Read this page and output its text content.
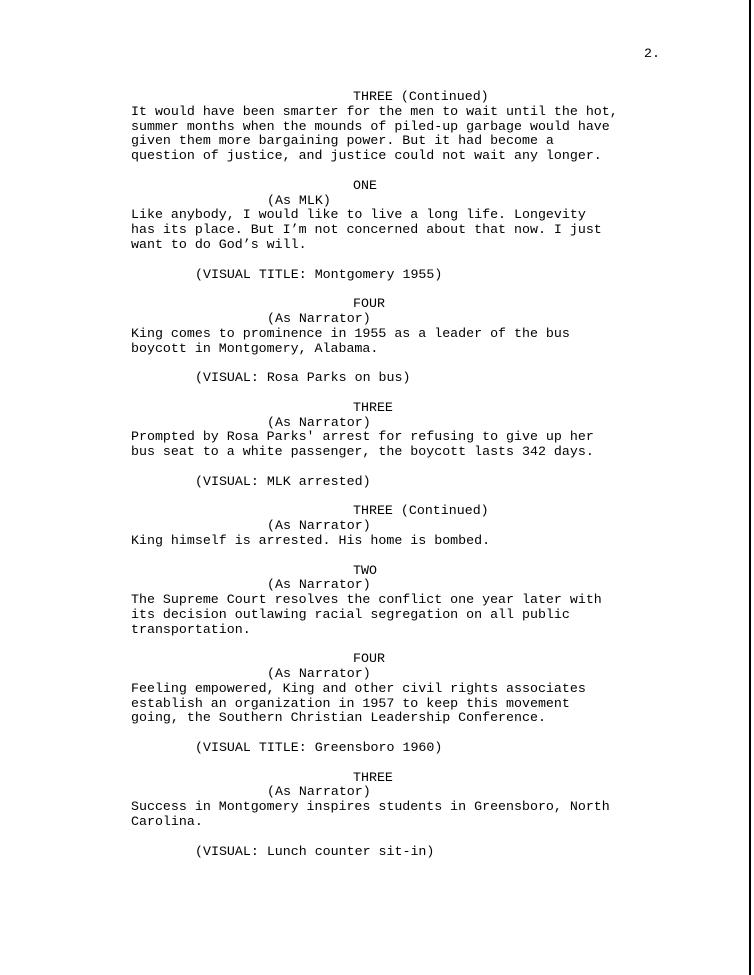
2.
THREE (Continued)
It would have been smarter for the men to wait until the hot,
summer months when the mounds of piled-up garbage would have
given them more bargaining power. But it had become a
question of justice, and justice could not wait any longer.
ONE
(As MLK)
Like anybody, I would like to live a long life. Longevity
has its place. But I’m not concerned about that now. I just
want to do God’s will.
(VISUAL TITLE: Montgomery 1955)
FOUR
(As Narrator)
King comes to prominence in 1955 as a leader of the bus
boycott in Montgomery, Alabama.
(VISUAL: Rosa Parks on bus)
THREE
(As Narrator)
Prompted by Rosa Parks' arrest for refusing to give up her
bus seat to a white passenger, the boycott lasts 342 days.
(VISUAL: MLK arrested)
THREE (Continued)
(As Narrator)
King himself is arrested. His home is bombed.
TWO
(As Narrator)
The Supreme Court resolves the conflict one year later with
its decision outlawing racial segregation on all public
transportation.
FOUR
(As Narrator)
Feeling empowered, King and other civil rights associates
establish an organization in 1957 to keep this movement
going, the Southern Christian Leadership Conference.
(VISUAL TITLE: Greensboro 1960)
THREE
(As Narrator)
Success in Montgomery inspires students in Greensboro, North
Carolina.
(VISUAL: Lunch counter sit-in)
